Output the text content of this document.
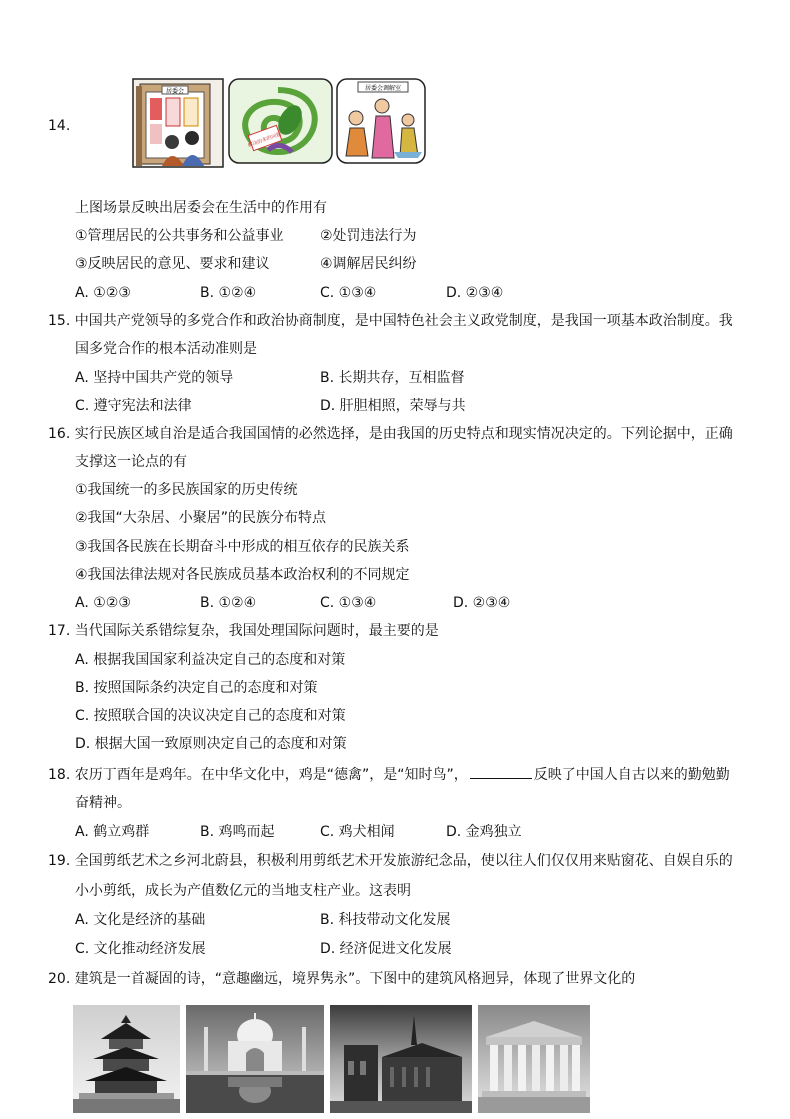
14.
居委会
解决的多的问题
居委会调解室
上图场景反映出居委会在生活中的作用有
①管理居民的公共事务和公益事业	②处罚违法行为
③反映居民的意见、要求和建议	④调解居民纠纷
A. ①②③	B. ①②④	C. ①③④	D. ②③④
15. 中国共产党领导的多党合作和政治协商制度，是中国特色社会主义政党制度，是我国一项基本政治制度。我
国多党合作的根本活动准则是
A. 坚持中国共产党的领导	B. 长期共存，互相监督
C. 遵守宪法和法律	D. 肝胆相照，荣辱与共
16. 实行民族区域自治是适合我国国情的必然选择，是由我国的历史特点和现实情况决定的。下列论据中，正确
支撑这一论点的有
①我国统一的多民族国家的历史传统
②我国“大杂居、小聚居”的民族分布特点
③我国各民族在长期奋斗中形成的相互依存的民族关系
④我国法律法规对各民族成员基本政治权利的不同规定
A. ①②③	B. ①②④	C. ①③④	D. ②③④
17. 当代国际关系错综复杂，我国处理国际问题时，最主要的是
A. 根据我国国家利益决定自己的态度和对策
B. 按照国际条约决定自己的态度和对策
C. 按照联合国的决议决定自己的态度和对策
D. 根据大国一致原则决定自己的态度和对策
18. 农历丁酉年是鸡年。在中华文化中，鸡是“德禽”，是“知时鸟”，	反映了中国人自古以来的勤勉勤
奋精神。
A. 鹤立鸡群	B. 鸡鸣而起	C. 鸡犬相闻	D. 金鸡独立
19. 全国剪纸艺术之乡河北蔚县，积极利用剪纸艺术开发旅游纪念品，使以往人们仅仅用来贴窗花、自娱自乐的
小小剪纸，成长为产值数亿元的当地支柱产业。这表明
A. 文化是经济的基础	B. 科技带动文化发展
C. 文化推动经济发展	D. 经济促进文化发展
20. 建筑是一首凝固的诗，“意趣幽远，境界隽永”。下图中的建筑风格迥异，体现了世界文化的
